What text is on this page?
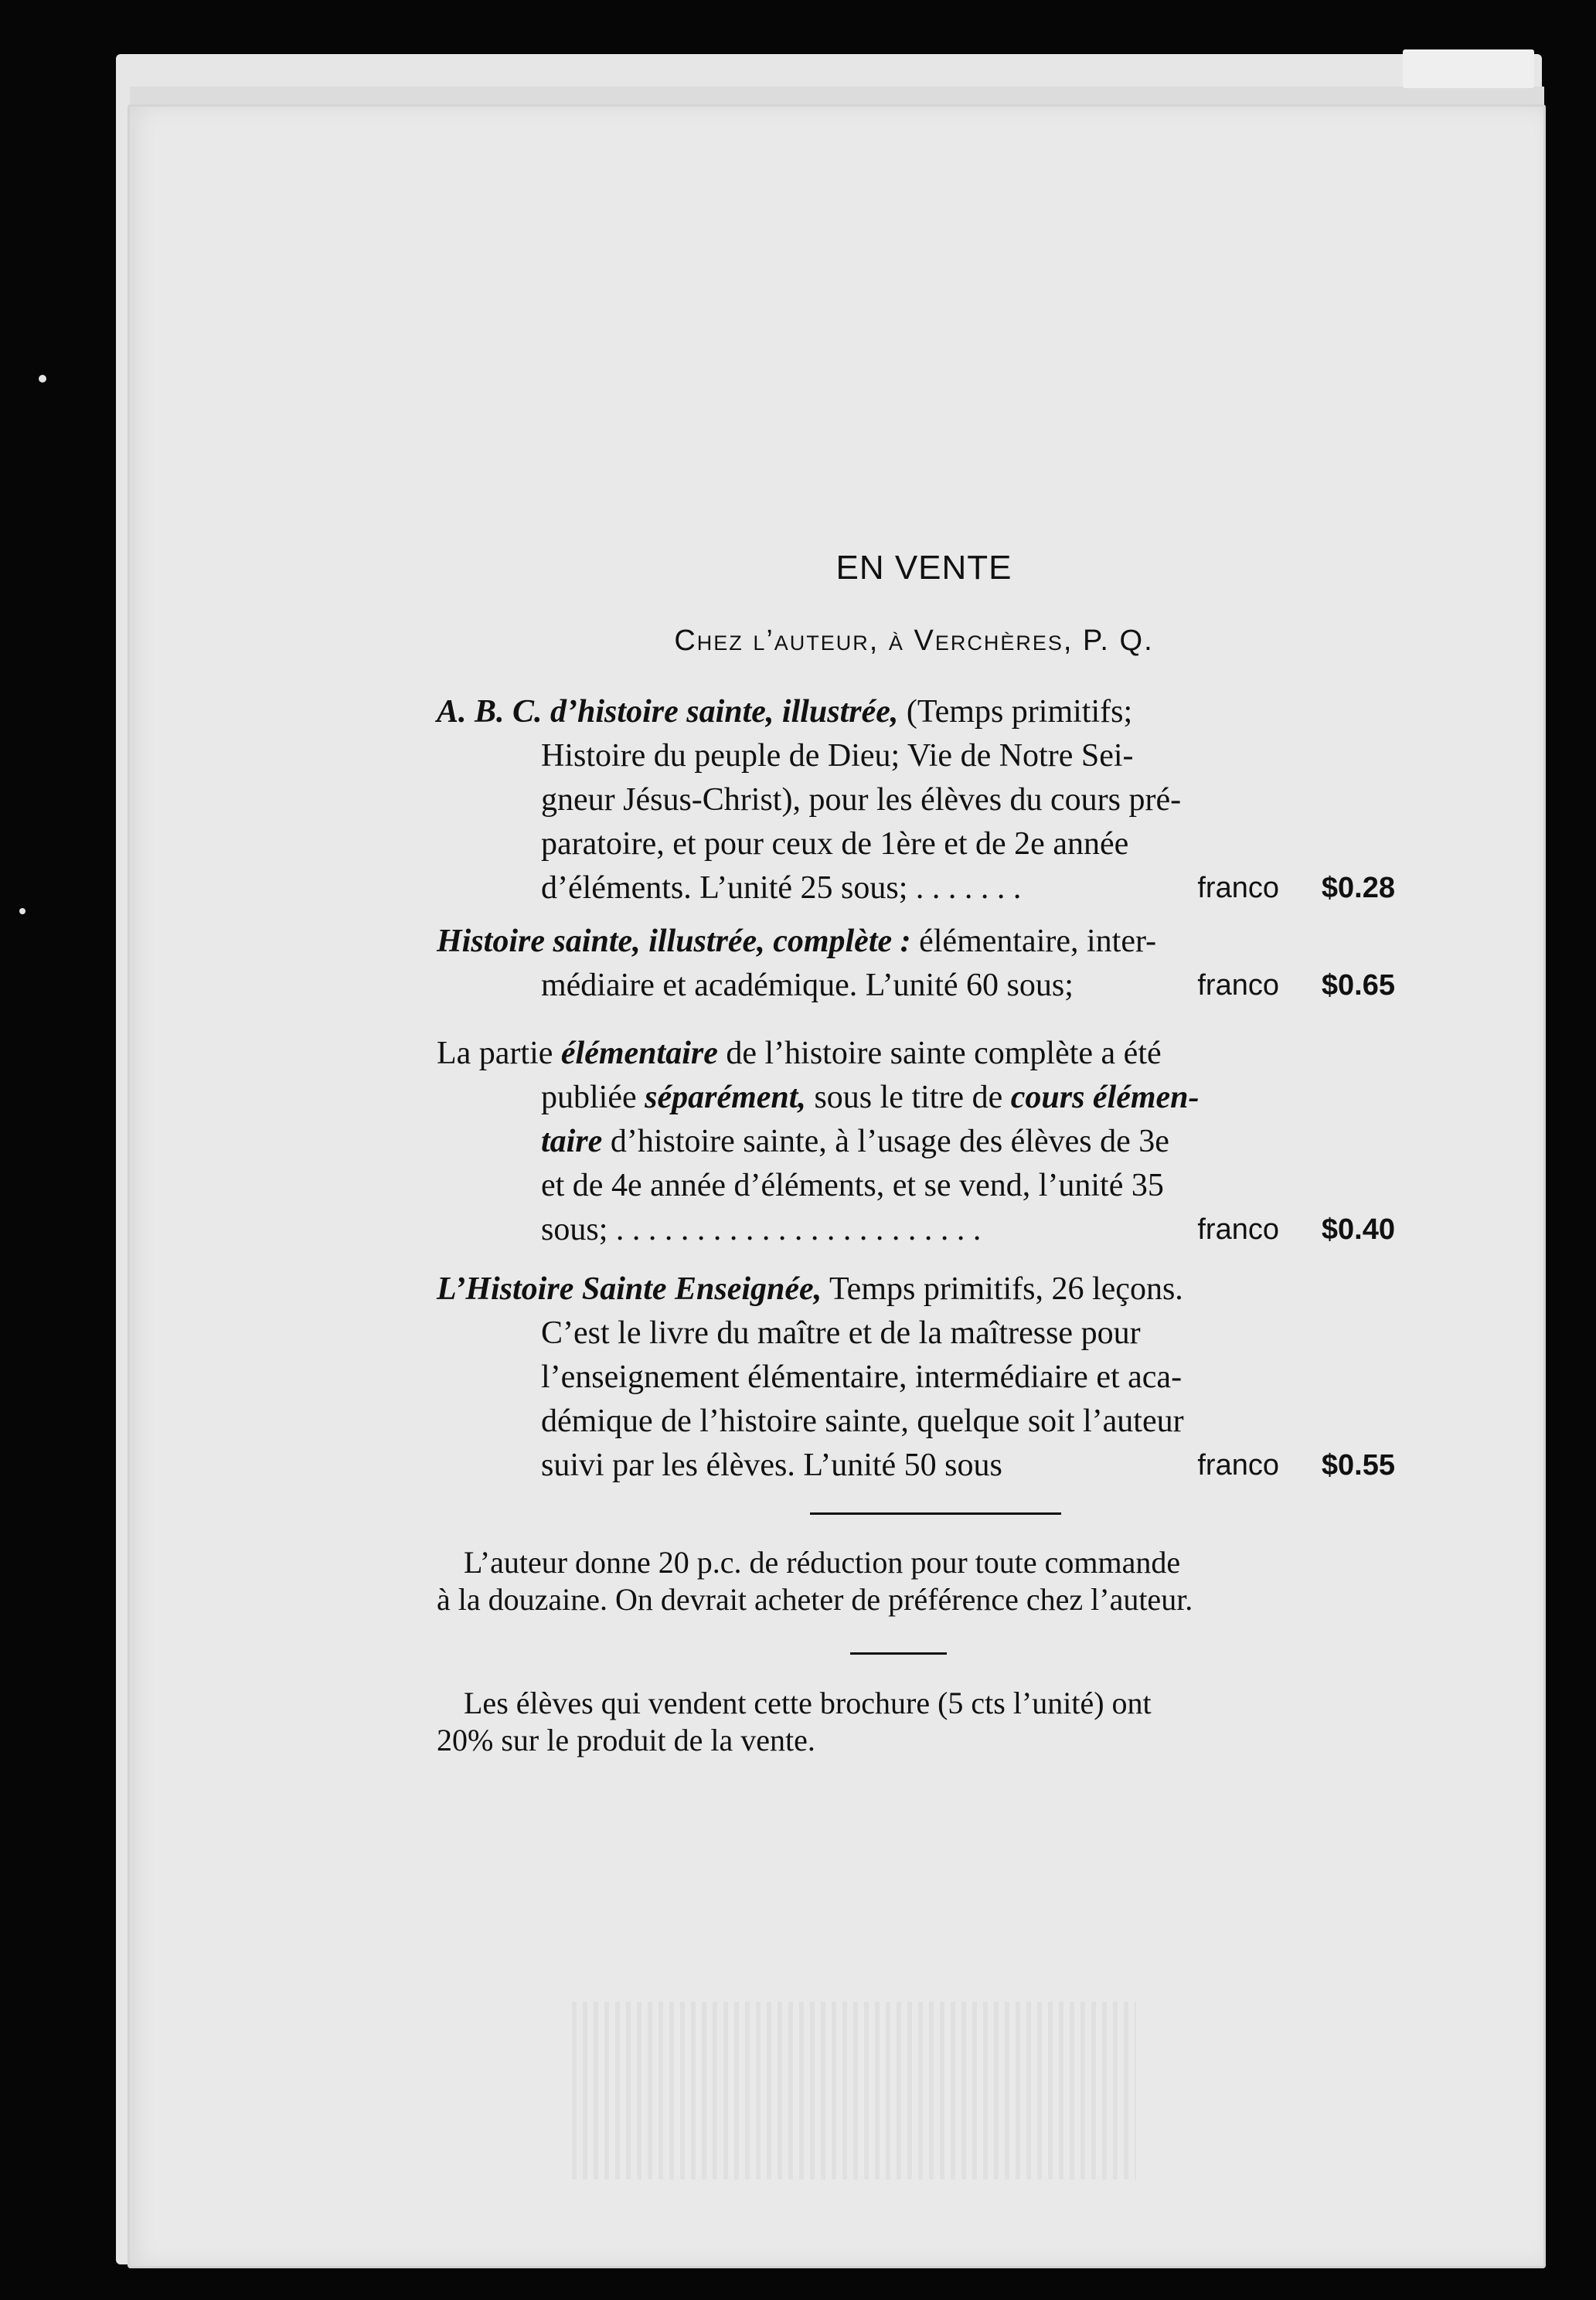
EN VENTE
Chez l’auteur, à Verchères, P. Q.
A. B. C. d’histoire sainte, illustrée, (Temps primitifs;
Histoire du peuple de Dieu; Vie de Notre Sei-
gneur Jésus-Christ), pour les élèves du cours pré-
paratoire, et pour ceux de 1ère et de 2e année
d’éléments. L’unité 25 sous; . . . . . . .	franco $0.28
Histoire sainte, illustrée, complète : élémentaire, inter-
médiaire et académique. L’unité 60 sous;	franco $0.65
La partie élémentaire de l’histoire sainte complète a été
publiée séparément, sous le titre de cours élémen-
taire d’histoire sainte, à l’usage des élèves de 3e
et de 4e année d’éléments, et se vend, l’unité 35
sous; . . . . . . . . . . . . . . . . . . . . . . .	franco $0.40
L’Histoire Sainte Enseignée, Temps primitifs, 26 leçons.
C’est le livre du maître et de la maîtresse pour
l’enseignement élémentaire, intermédiaire et aca-
démique de l’histoire sainte, quelque soit l’auteur
suivi par les élèves. L’unité 50 sous	franco $0.55
L’auteur donne 20 p.c. de réduction pour toute commande
à la douzaine. On devrait acheter de préférence chez l’auteur.
Les élèves qui vendent cette brochure (5 cts l’unité) ont
20% sur le produit de la vente.
